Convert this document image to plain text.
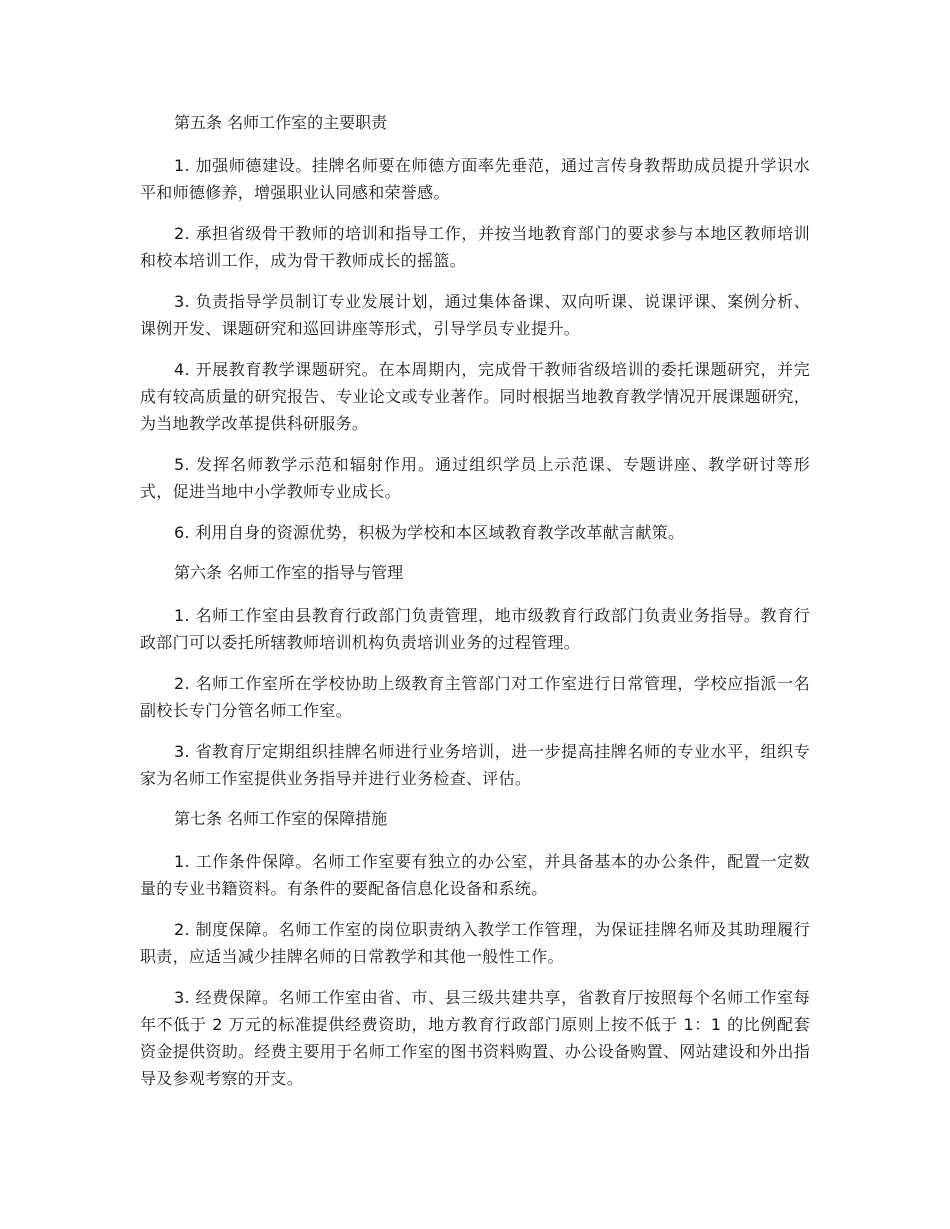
第五条 名师工作室的主要职责

1. 加强师德建设。挂牌名师要在师德方面率先垂范，通过言传身教帮助成员提升学识水平和师德修养，增强职业认同感和荣誉感。

2. 承担省级骨干教师的培训和指导工作，并按当地教育部门的要求参与本地区教师培训和校本培训工作，成为骨干教师成长的摇篮。

3. 负责指导学员制订专业发展计划，通过集体备课、双向听课、说课评课、案例分析、课例开发、课题研究和巡回讲座等形式，引导学员专业提升。

4. 开展教育教学课题研究。在本周期内，完成骨干教师省级培训的委托课题研究，并完成有较高质量的研究报告、专业论文或专业著作。同时根据当地教育教学情况开展课题研究，为当地教学改革提供科研服务。

5. 发挥名师教学示范和辐射作用。通过组织学员上示范课、专题讲座、教学研讨等形式，促进当地中小学教师专业成长。

6. 利用自身的资源优势，积极为学校和本区域教育教学改革献言献策。

第六条 名师工作室的指导与管理

1. 名师工作室由县教育行政部门负责管理，地市级教育行政部门负责业务指导。教育行政部门可以委托所辖教师培训机构负责培训业务的过程管理。

2. 名师工作室所在学校协助上级教育主管部门对工作室进行日常管理，学校应指派一名副校长专门分管名师工作室。

3. 省教育厅定期组织挂牌名师进行业务培训，进一步提高挂牌名师的专业水平，组织专家为名师工作室提供业务指导并进行业务检查、评估。

第七条 名师工作室的保障措施

1. 工作条件保障。名师工作室要有独立的办公室，并具备基本的办公条件，配置一定数量的专业书籍资料。有条件的要配备信息化设备和系统。

2. 制度保障。名师工作室的岗位职责纳入教学工作管理，为保证挂牌名师及其助理履行职责，应适当减少挂牌名师的日常教学和其他一般性工作。

3. 经费保障。名师工作室由省、市、县三级共建共享，省教育厅按照每个名师工作室每年不低于 2 万元的标准提供经费资助，地方教育行政部门原则上按不低于 1：1 的比例配套资金提供资助。经费主要用于名师工作室的图书资料购置、办公设备购置、网站建设和外出指导及参观考察的开支。
